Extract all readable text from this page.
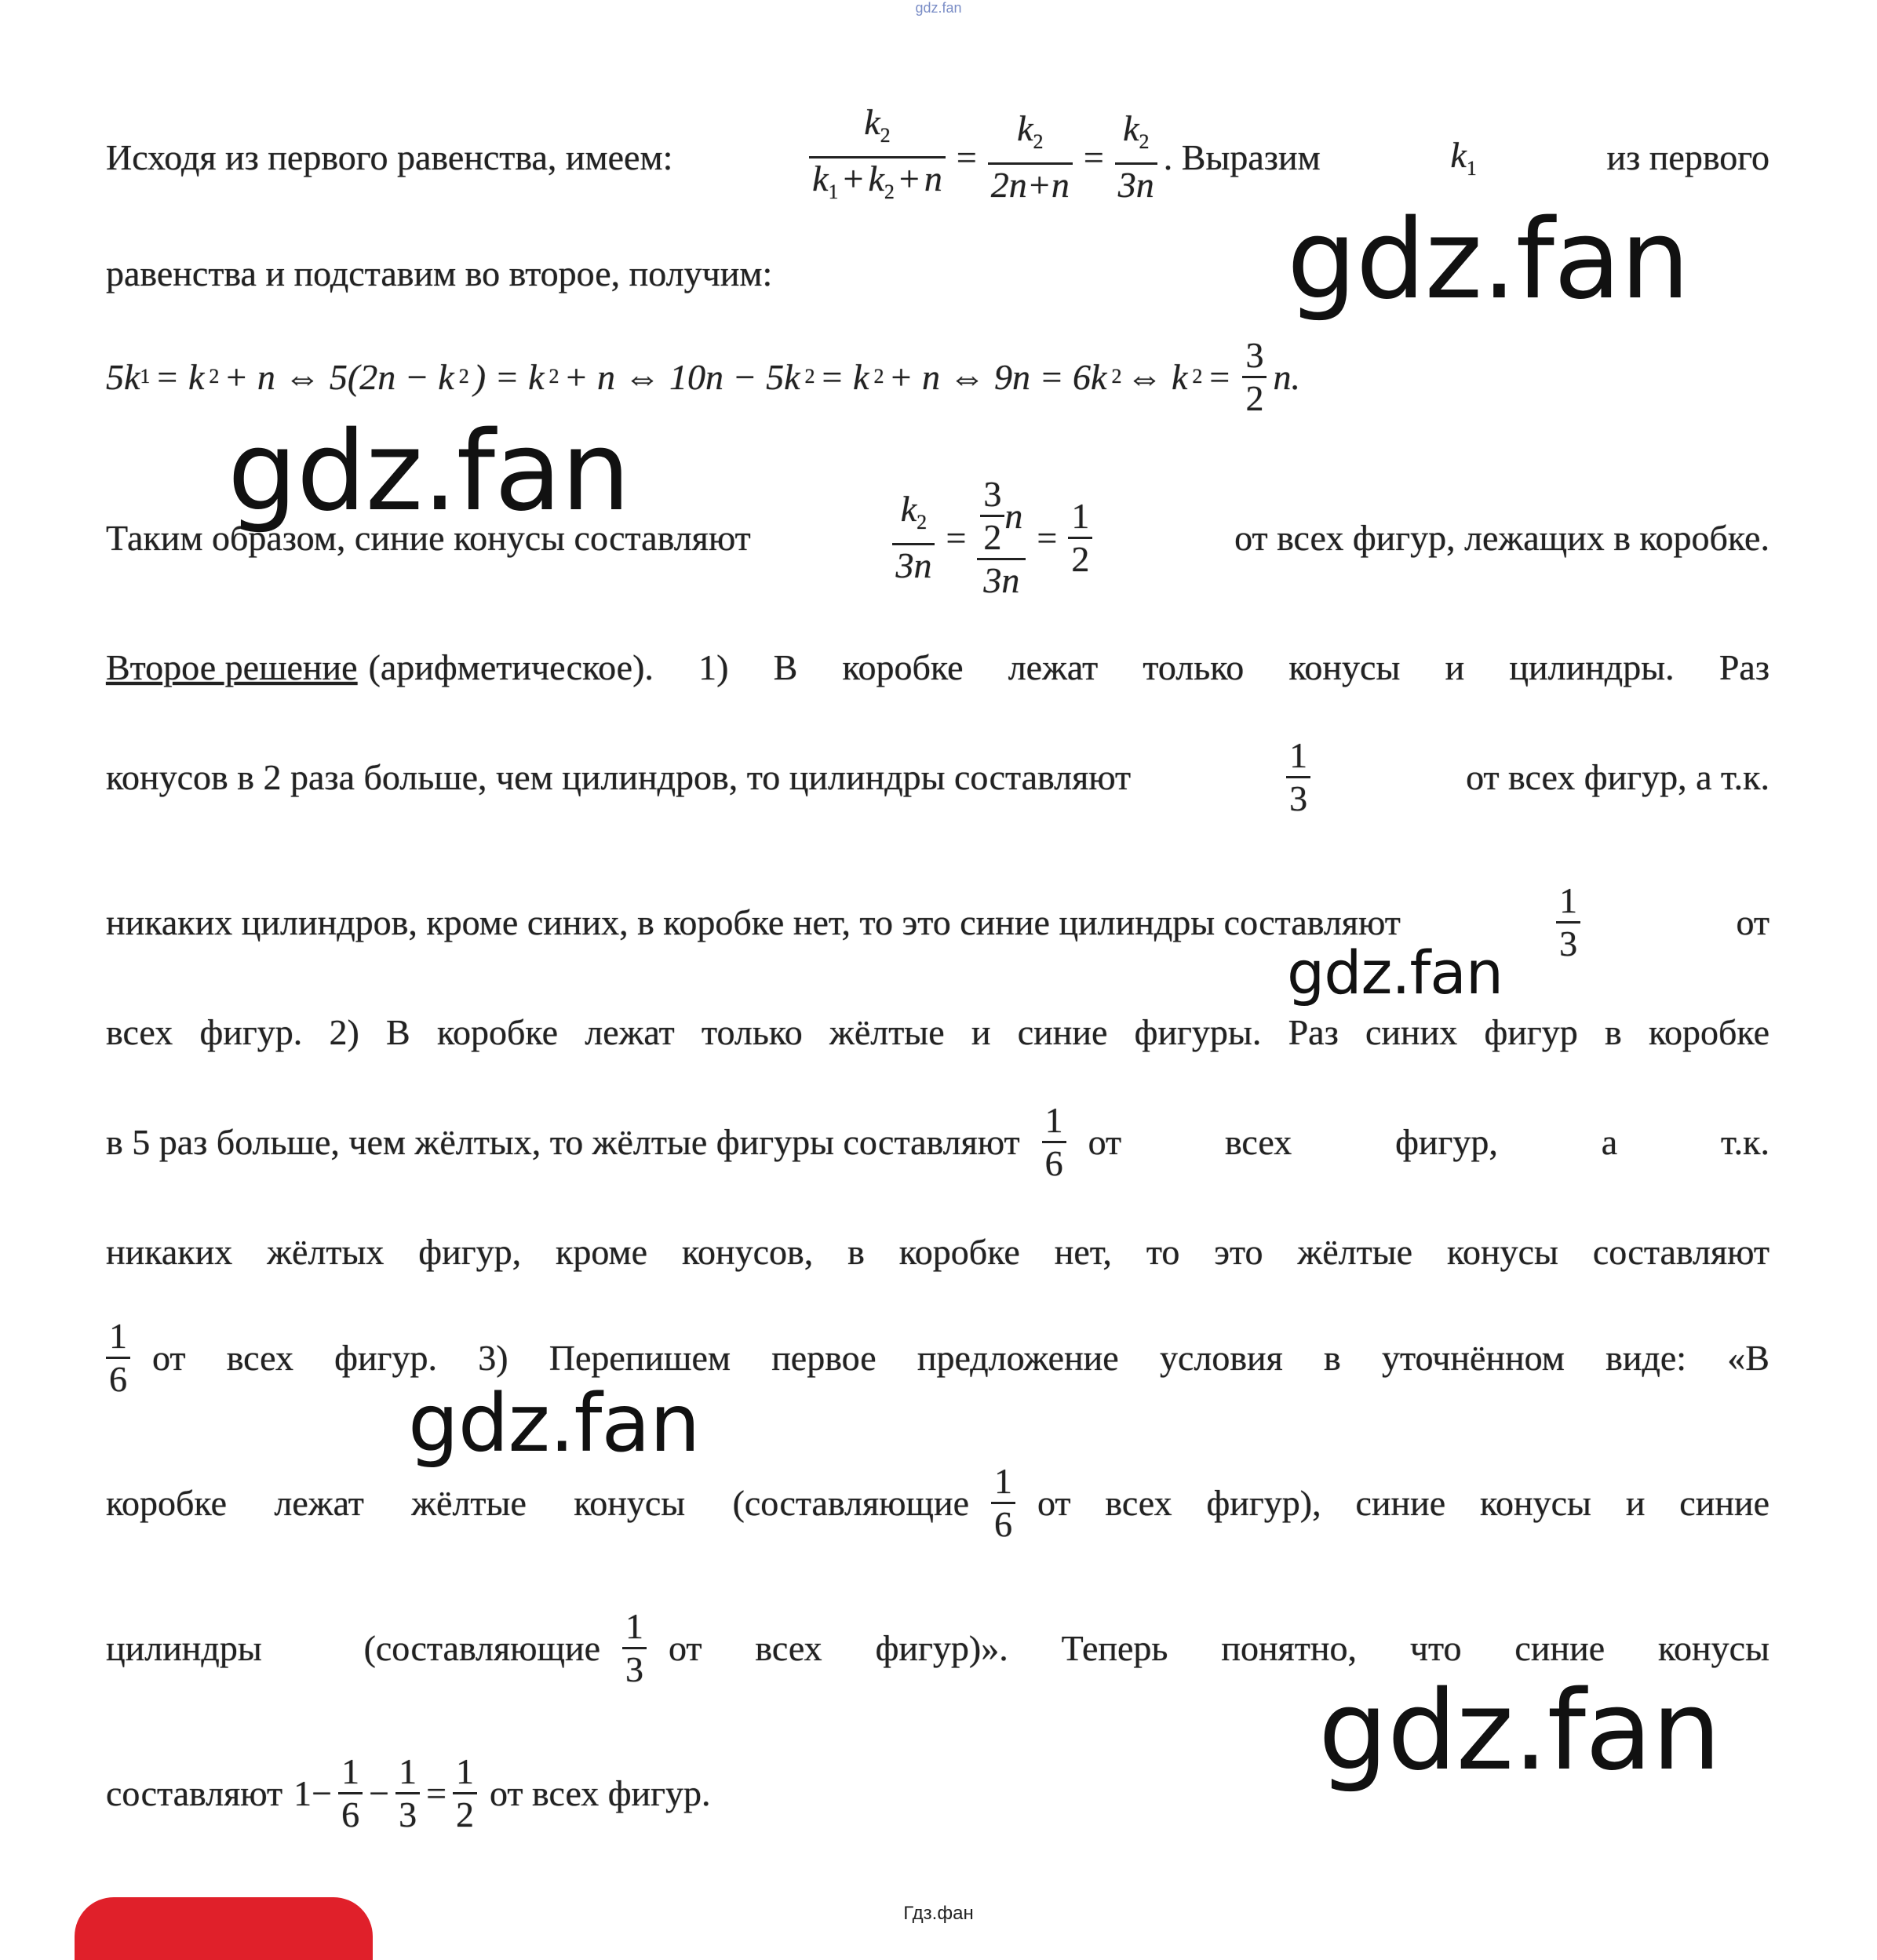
gdz.fan
Исходя из первого равенства, имеем:	$\frac{k_2}{k_1 + k_2 + n} = \frac{k_2}{2n+n} = \frac{k_2}{3n}$ . Выразим	$k_1$	из первого
равенства и подставим во второе, получим:
5k 1 = k 2 + n ⇔ 5(2n − k 2 ) = k 2 + n ⇔ 10n − 5k 2 = k 2 + n ⇔ 9n = 6k 2 ⇔ k $2 = \frac{3}{2} n$.
Таким образом, синие конусы составляют	$\frac{k_2}{3n} = \frac{\frac{3}{2} n}{3n} = \frac{1}{2}$	от всех фигур, лежащих в коробке.
Второе решение (арифметическое). 1) В коробке лежат только конусы и цилиндры. Раз
конусов в 2 раза больше, чем цилиндров, то цилиндры составляют	$\frac{1}{3}$	от всех фигур, а т.к.
никаких цилиндров, кроме синих, в коробке нет, то это синие цилиндры составляют	$\frac{1}{3}$	от
всех фигур. 2) В коробке лежат только жёлтые и синие фигуры. Раз синих фигур в коробке
в 5 раз больше, чем жёлтых, то жёлтые фигуры составляют $\frac{1}{6}$ от всех фигур, а т.к.
никаких жёлтых фигур, кроме конусов, в коробке нет, то это жёлтые конусы составляют
$\frac{1}{6}$ от всех фигур. 3) Перепишем первое предложение условия в уточнённом виде: «В
коробке лежат жёлтые конусы (составляющие $\frac{1}{6}$ от всех фигур), синие конусы и синие
цилиндры (составляющие $\frac{1}{3}$ от всех фигур)». Теперь понятно, что синие конусы
составляют $1- \frac{1}{6} - \frac{1}{3} = \frac{1}{2}$ от всех фигур.
gdz.fan
gdz.fan
gdz.fan
gdz.fan
gdz.fan
Гдз.фан
